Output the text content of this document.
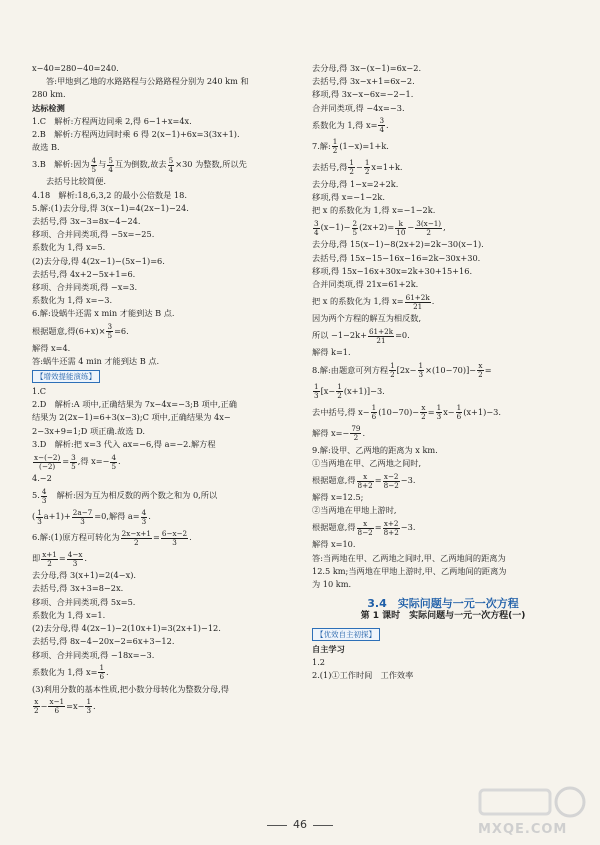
x−40=280−40=240.
答:甲地到乙地的水路路程与公路路程分别为 240 km 和
280 km.
达标检测
1.C　解析:方程两边同乘 2,得 6−1+x=4x.
2.B　解析:方程两边同时乘 6 得 2(x−1)+6x=3(3x+1).
故选 B.
3.B　解析:因为 $\frac{4}{5}$ 与 $\frac{5}{4}$ 互为倒数,故去 $\frac{5}{4} \times 30$ 为整数,所以先
去括号比较简便.
4.18　解析:18,6,3,2 的最小公倍数是 18.
5.解:(1)去分母,得 3(x−1)=4(2x−1)−24.
去括号,得 3x−3=8x−4−24.
移项、合并同类项,得 −5x=−25.
系数化为 1,得 x=5.
(2)去分母,得 4(2x−1)−(5x−1)=6.
去括号,得 4x+2−5x+1=6.
移项、合并同类项,得 −x=3.
系数化为 1,得 x=−3.
6.解:设蜗牛还需 x min 才能到达 B 点.
根据题意,得$(6+x)\times \frac{3}{5} =6$.
解得 x=4.
答:蜗牛还需 4 min 才能到达 B 点.
【增效提能演练】
1.C
2.D　解析:A 项中,正确结果为 7x−4x=−3;B 项中,正确
结果为 2(2x−1)=6+3(x−3);C 项中,正确结果为 4x−
2−3x+9=1;D 项正确.故选 D.
3.D　解析:把 x=3 代入 ax=−6,得 a=−2.解方程
$\frac{x-(-2)}{(-2)} = \frac{3}{5}$ ,得 $x=- \frac{4}{5}$ .
4.−2
5. $\frac{4}{3}$ 　解析:因为互为相反数的两个数之和为 0,所以
( $\frac{1}{3} a+1)+ \frac{2a-7}{3} =0$,解得 $a= \frac{4}{3}$ .
6.解:(1)原方程可转化为 $\frac{2x-x+1}{2} = \frac{6-x-2}{3}$ .
即 $\frac{x+1}{2} = \frac{4-x}{3}$ .
去分母,得 3(x+1)=2(4−x).
去括号,得 3x+3=8−2x.
移项、合并同类项,得 5x=5.
系数化为 1,得 x=1.
(2)去分母,得 4(2x−1)−2(10x+1)=3(2x+1)−12.
去括号,得 8x−4−20x−2=6x+3−12.
移项、合并同类项,得 −18x=−3.
系数化为 1,得 $x= \frac{1}{6}$ .
(3)利用分数的基本性质,把小数分母转化为整数分母,得
$\frac{x}{2} - \frac{x-1}{6} =x- \frac{1}{3}$ .
去分母,得 3x−(x−1)=6x−2.
去括号,得 3x−x+1=6x−2.
移项,得 3x−x−6x=−2−1.
合并同类项,得 −4x=−3.
系数化为 1,得 $x= \frac{3}{4}$ .
7.解: $\frac{1}{2} (1-x)=1+k$.
去括号,得 $\frac{1}{2} - \frac{1}{2} x=1+k$.
去分母,得 1−x=2+2k.
移项,得 x=−1−2k.
把 x 的系数化为 1,得 x=−1−2k.
$\frac{3}{4} (x-1)- \frac{2}{5} (2x+2)= \frac{k}{10} - \frac{3(x-1)}{2}$ ,
去分母,得 15(x−1)−8(2x+2)=2k−30(x−1).
去括号,得 15x−15−16x−16=2k−30x+30.
移项,得 15x−16x+30x=2k+30+15+16.
合并同类项,得 21x=61+2k.
把 x 的系数化为 1,得 $x= \frac{61+2k}{21}$ .
因为两个方程的解互为相反数,
所以 $-1-2k+ \frac{61+2k}{21} =0$.
解得 k=1.
8.解:由题意可列方程 $\frac{1}{2} [2x- \frac{1}{3} \times(10-70)]- \frac{x}{2}$ =
$\frac{1}{3} [x- \frac{1}{2} (x+1)]-3$.
去中括号,得 $x- \frac{1}{6} (10-70)- \frac{x}{2} = \frac{1}{3} x- \frac{1}{6} (x+1)-3$.
解得 $x=- \frac{79}{2}$ .
9.解:设甲、乙两地的距离为 x km.
①当两地在甲、乙两地之间时,
根据题意,得 $\frac{x}{8+2} = \frac{x-2}{8-2} -3$.
解得 x=12.5;
②当两地在甲地上游时,
根据题意,得 $\frac{x}{8-2} = \frac{x+2}{8+2} -3$.
解得 x=10.
答:当两地在甲、乙两地之间时,甲、乙两地间的距离为
12.5 km;当两地在甲地上游时,甲、乙两地间的距离为
为 10 km.
3.4　实际问题与一元一次方程
第 1 课时　实际问题与一元一次方程(一)
【优效自主初探】
自主学习
1.2
2.(1)①工作时间　工作效率
46	MXQE.COM
